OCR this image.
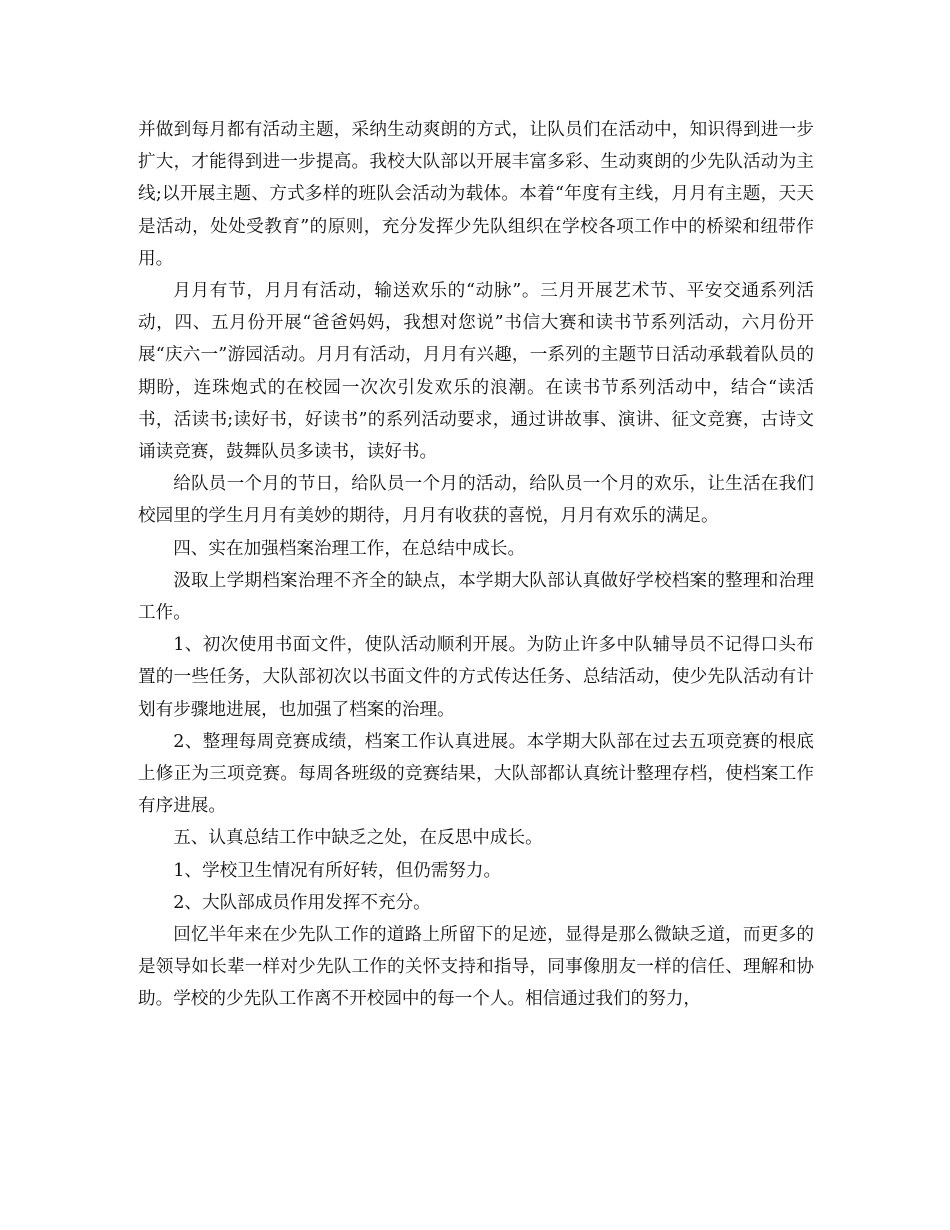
并做到每月都有活动主题，采纳生动爽朗的方式，让队员们在活动中，知识得到进一步扩大，才能得到进一步提高。我校大队部以开展丰富多彩、生动爽朗的少先队活动为主线;以开展主题、方式多样的班队会活动为载体。本着“年度有主线，月月有主题，天天是活动，处处受教育”的原则，充分发挥少先队组织在学校各项工作中的桥梁和纽带作用。

月月有节，月月有活动，输送欢乐的“动脉”。三月开展艺术节、平安交通系列活动，四、五月份开展“爸爸妈妈，我想对您说”书信大赛和读书节系列活动，六月份开展“庆六一”游园活动。月月有活动，月月有兴趣，一系列的主题节日活动承载着队员的期盼，连珠炮式的在校园一次次引发欢乐的浪潮。在读书节系列活动中，结合“读活书，活读书;读好书，好读书”的系列活动要求，通过讲故事、演讲、征文竞赛，古诗文诵读竞赛，鼓舞队员多读书，读好书。

给队员一个月的节日，给队员一个月的活动，给队员一个月的欢乐，让生活在我们校园里的学生月月有美妙的期待，月月有收获的喜悦，月月有欢乐的满足。

四、实在加强档案治理工作，在总结中成长。

汲取上学期档案治理不齐全的缺点，本学期大队部认真做好学校档案的整理和治理工作。

1、初次使用书面文件，使队活动顺利开展。为防止许多中队辅导员不记得口头布置的一些任务，大队部初次以书面文件的方式传达任务、总结活动，使少先队活动有计划有步骤地进展，也加强了档案的治理。

2、整理每周竞赛成绩，档案工作认真进展。本学期大队部在过去五项竞赛的根底上修正为三项竞赛。每周各班级的竞赛结果，大队部都认真统计整理存档，使档案工作有序进展。

五、认真总结工作中缺乏之处，在反思中成长。

1、学校卫生情况有所好转，但仍需努力。

2、大队部成员作用发挥不充分。

回忆半年来在少先队工作的道路上所留下的足迹，显得是那么微缺乏道，而更多的是领导如长辈一样对少先队工作的关怀支持和指导，同事像朋友一样的信任、理解和协助。学校的少先队工作离不开校园中的每一个人。相信通过我们的努力，
